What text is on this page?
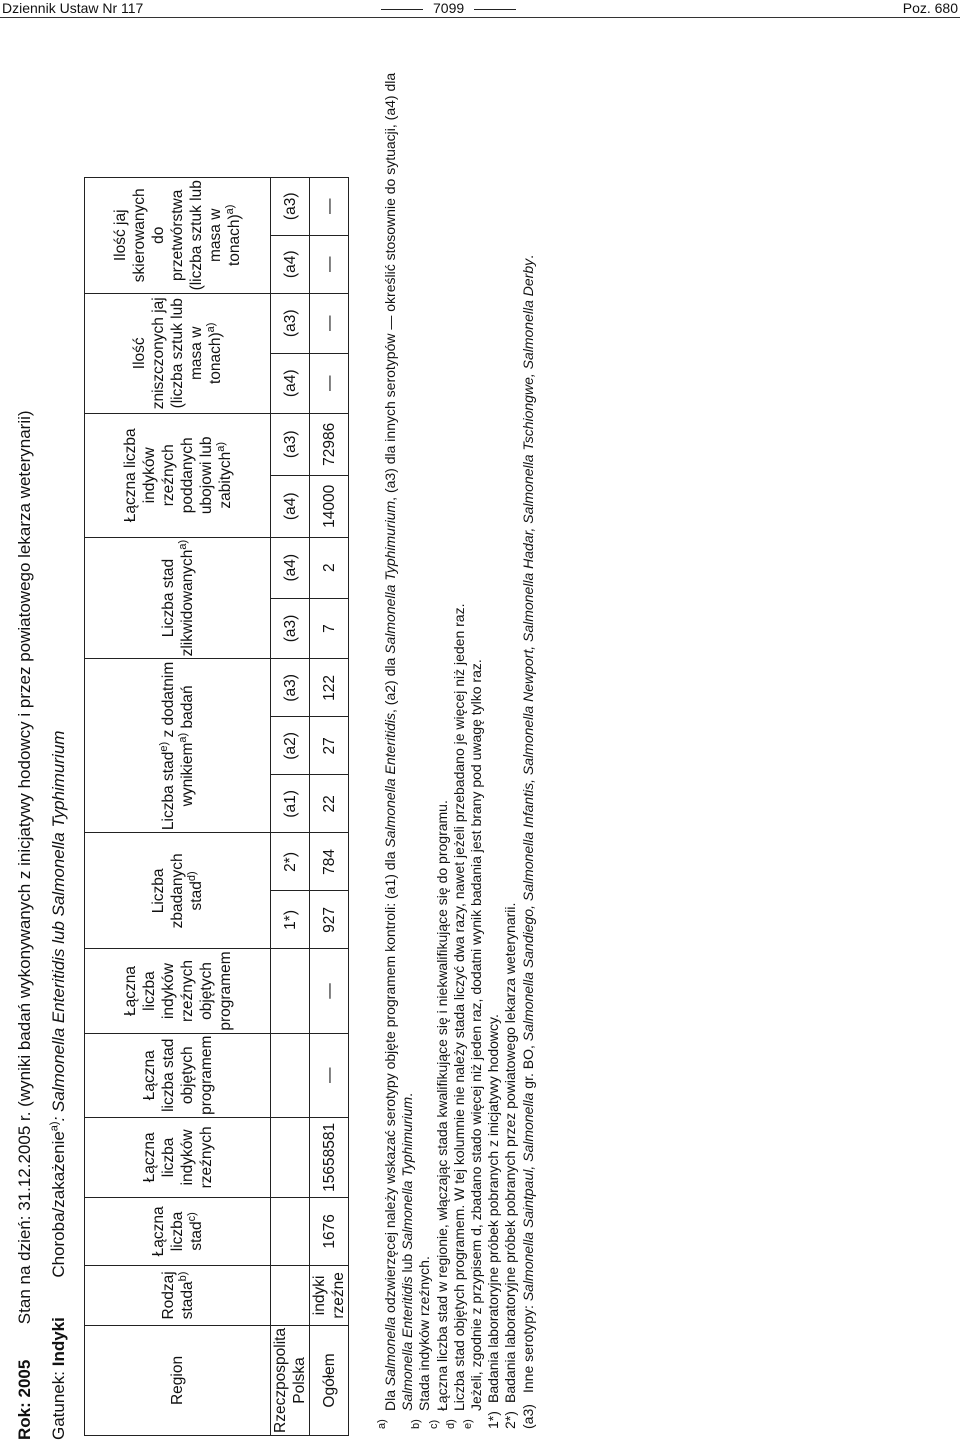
Dziennik Ustaw Nr 117	7099	Poz. 680
Rok: 2005  Stan na dzień: 31.12.2005 r. (wyniki badań wykonywanych z inicjatywy hodowcy i przez powiatowego lekarza weterynarii)
Gatunek: Indyki  Choroba/zakażenie$^{a)}$: Salmonella Enteritidis lub Salmonella Typhimurium
Region	Rodzaj stada$^{b)}$	Łączna liczba stad$^{c)}$	Łączna liczba indyków rzeźnych	Łączna liczba stad objętych programem	Łączna liczba indyków rzeźnych objętych programem	Liczba zbadanych stad$^{d)}$		Liczba stad$^{e)}$ z dodatnim wynikiem$^{a)}$ badań			Liczba stad zlikwidowanych$^{a)}$		Łączna liczba indyków rzeźnych poddanych ubojowi lub zabitych$^{a)}$		Ilość zniszczonych jaj (liczba sztuk lub masa w tonach)$^{a)}$		Ilość jaj skierowanych do przetwórstwa (liczba sztuk lub masa w tonach)$^{a)}$
Rzeczpospolita Polska						1*)	2*)	(a1)	(a2)	(a3)	(a3)	(a4)	(a4)	(a3)	(a4)	(a3)	(a4)	(a3)
Ogółem	indyki rzeźne	1676	15658581	—	—	927	784	22	27	122	7	2	14000	72986	—	—	—	—
a)
Dla Salmonella odzwierzęcej należy wskazać serotypy objęte programem kontroli: (a1) dla Salmonella Enteritidis, (a2) dla Salmonella Typhimurium, (a3) dla innych serotypów — określić stosownie do sytuacji, (a4) dla Salmonella Enteritidis lub Salmonella Typhimurium.
b)
Stada indyków rzeźnych.
c)
Łączna liczba stad w regionie, włączając stada kwalifikujące się i niekwalifikujące się do programu.
d)
Liczba stad objętych programem. W tej kolumnie nie należy stada liczyć dwa razy, nawet jeżeli przebadano je więcej niż jeden raz.
e)
Jeżeli, zgodnie z przypisem d, zbadano stado więcej niż jeden raz, dodatni wynik badania jest brany pod uwagę tylko raz.
1*)
Badania laboratoryjne próbek pobranych z inicjatywy hodowcy.
2*)
Badania laboratoryjne próbek pobranych przez powiatowego lekarza weterynarii.
(a3)
Inne serotypy: Salmonella Saintpaul, Salmonella gr. BO, Salmonella Sandiego, Salmonella Infantis, Salmonella Newport, Salmonella Hadar, Salmonella Tschiongwe, Salmonella Derby.
